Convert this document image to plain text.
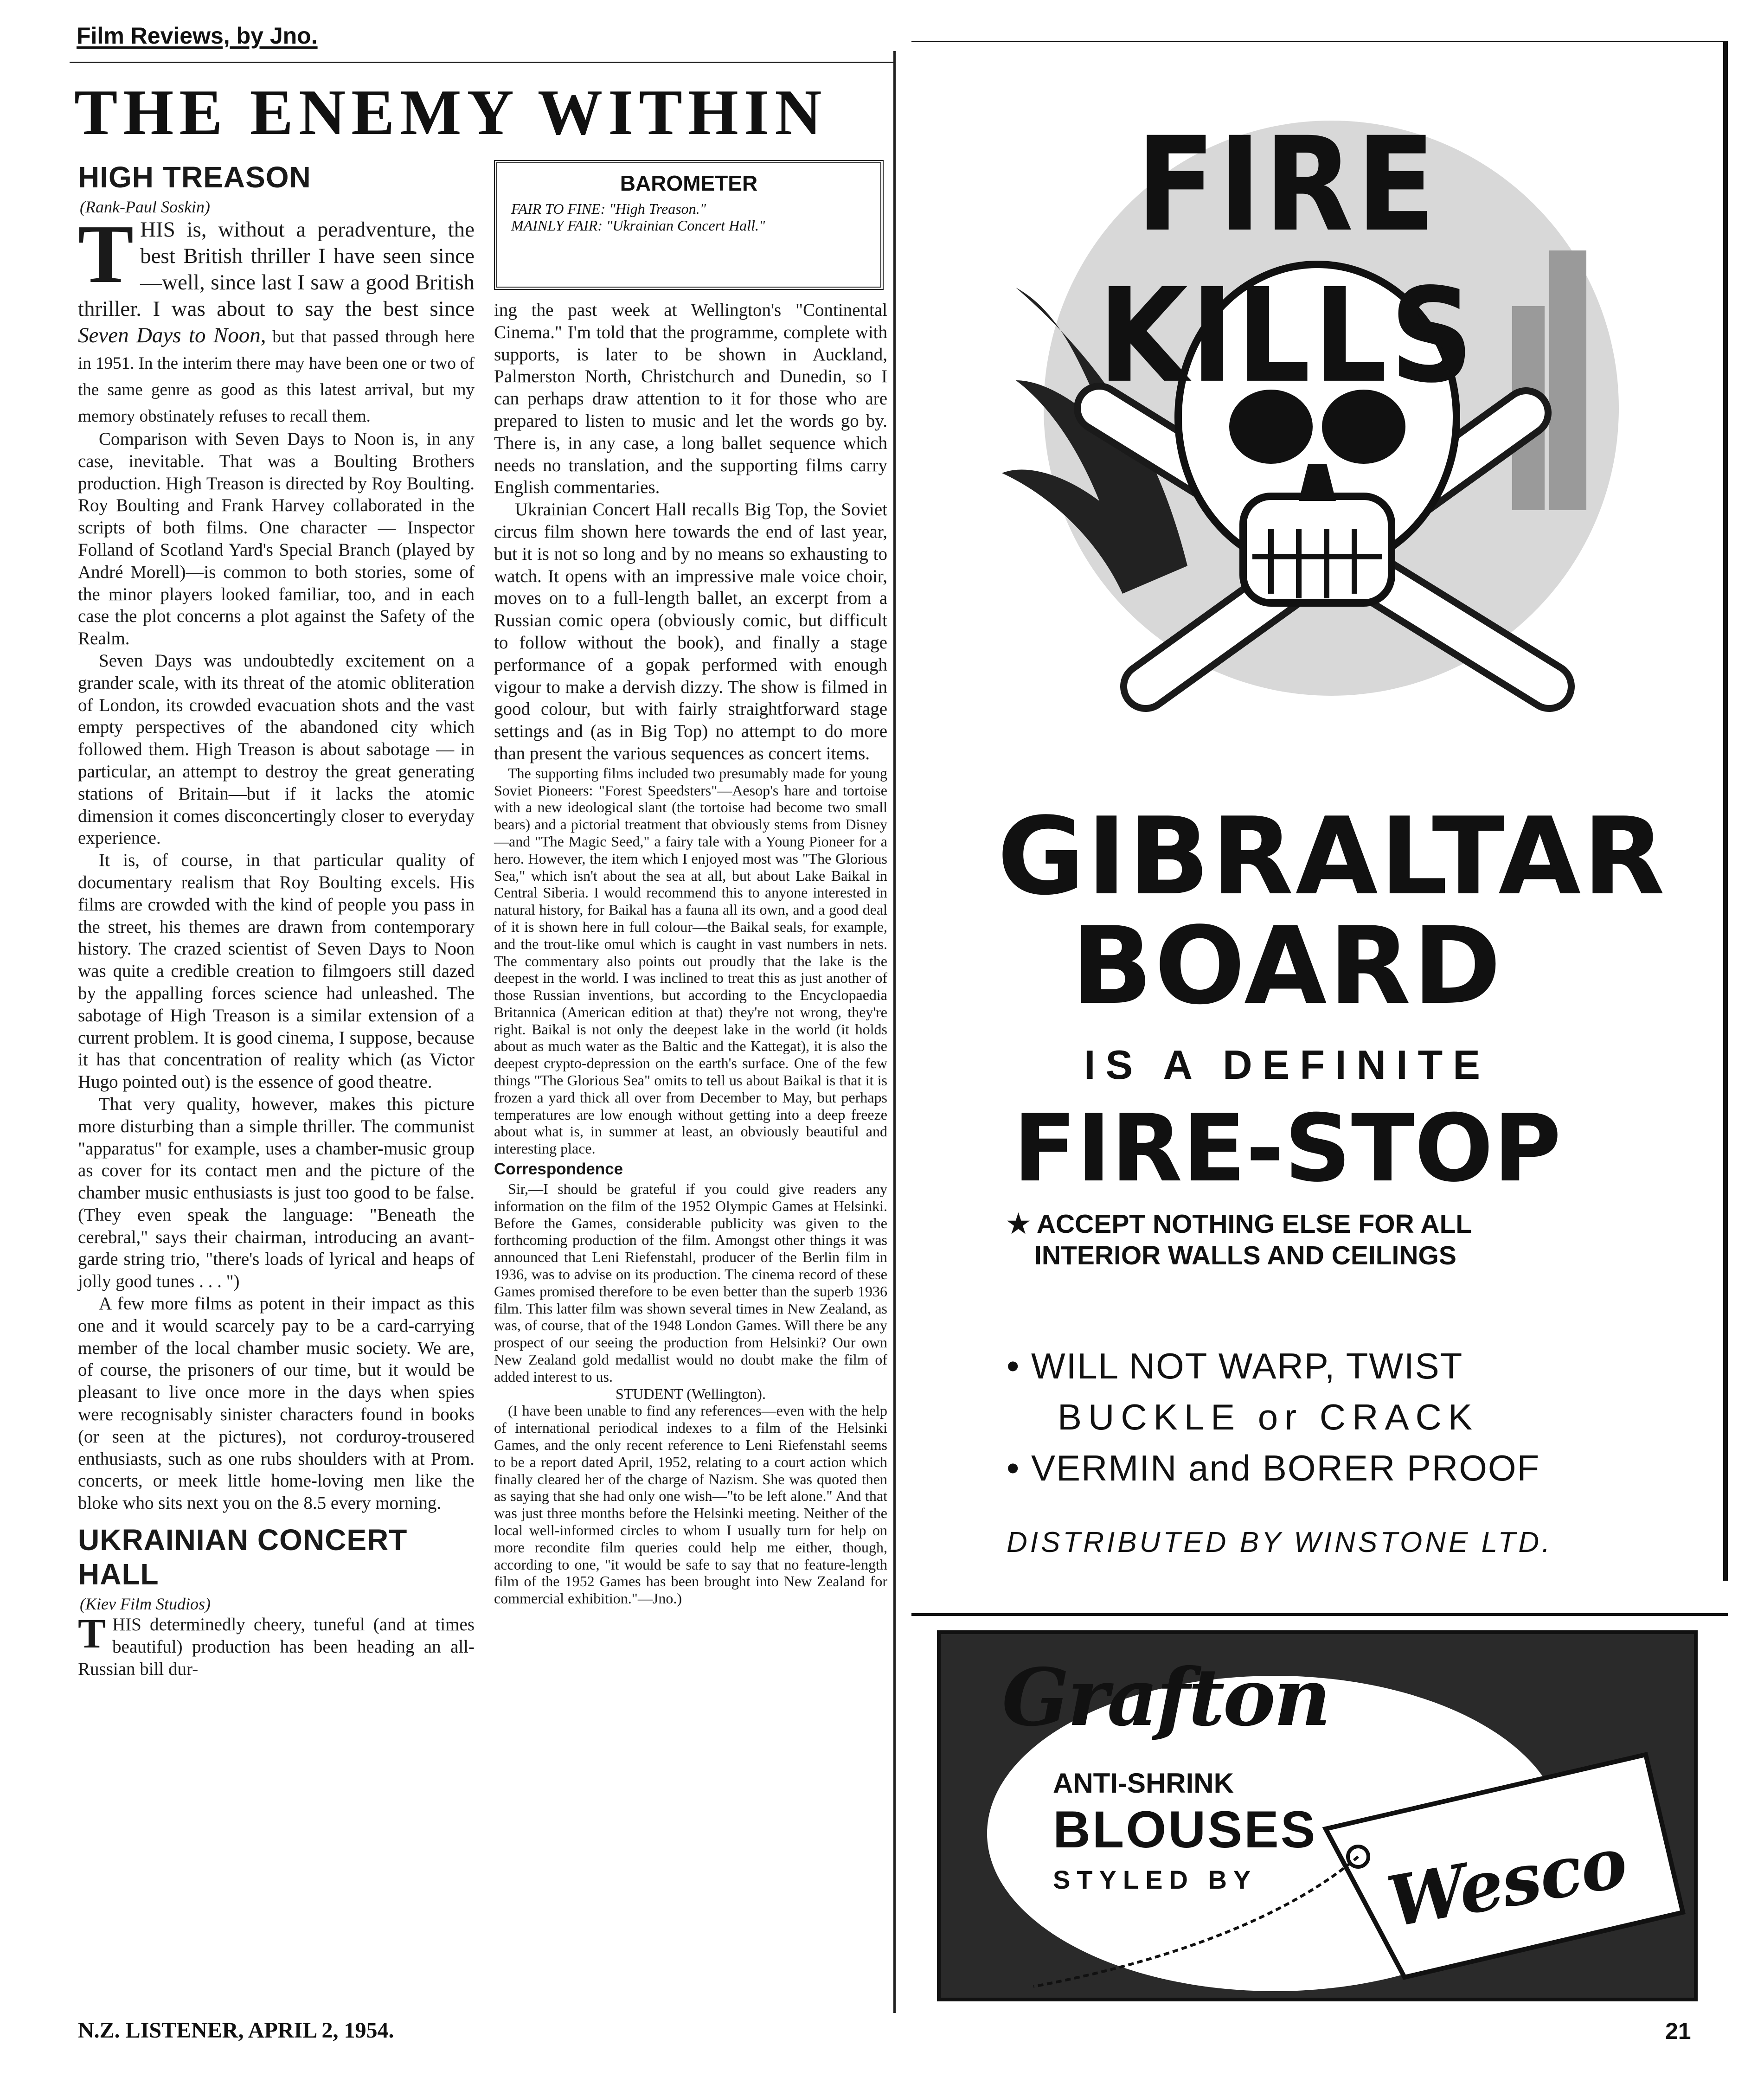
Film Reviews, by Jno.
THE ENEMY WITHIN
HIGH TREASON
(Rank-Paul Soskin)

THIS is, without a peradventure, the best British thriller I have seen since—well, since last I saw a good British thriller. I was about to say the best since Seven Days to Noon, but that passed through here in 1951. In the interim there may have been one or two of the same genre as good as this latest arrival, but my memory obstinately refuses to recall them.

Comparison with Seven Days to Noon is, in any case, inevitable. That was a Boulting Brothers production. High Treason is directed by Roy Boulting. Roy Boulting and Frank Harvey collaborated in the scripts of both films. One character — Inspector Folland of Scotland Yard's Special Branch (played by André Morell)—is common to both stories, some of the minor players looked familiar, too, and in each case the plot concerns a plot against the Safety of the Realm.

Seven Days was undoubtedly excitement on a grander scale, with its threat of the atomic obliteration of London, its crowded evacuation shots and the vast empty perspectives of the abandoned city which followed them. High Treason is about sabotage — in particular, an attempt to destroy the great generating stations of Britain—but if it lacks the atomic dimension it comes disconcertingly closer to everyday experience.

It is, of course, in that particular quality of documentary realism that Roy Boulting excels. His films are crowded with the kind of people you pass in the street, his themes are drawn from contemporary history. The crazed scientist of Seven Days to Noon was quite a credible creation to filmgoers still dazed by the appalling forces science had unleashed. The sabotage of High Treason is a similar extension of a current problem. It is good cinema, I suppose, because it has that concentration of reality which (as Victor Hugo pointed out) is the essence of good theatre.

That very quality, however, makes this picture more disturbing than a simple thriller. The communist "apparatus" for example, uses a chamber-music group as cover for its contact men and the picture of the chamber music enthusiasts is just too good to be false. (They even speak the language: "Beneath the cerebral," says their chairman, introducing an avant-garde string trio, "there's loads of lyrical and heaps of jolly good tunes . . . ")

A few more films as potent in their impact as this one and it would scarcely pay to be a card-carrying member of the local chamber music society. We are, of course, the prisoners of our time, but it would be pleasant to live once more in the days when spies were recognisably sinister characters found in books (or seen at the pictures), not corduroy-trousered enthusiasts, such as one rubs shoulders with at Prom. concerts, or meek little home-loving men like the bloke who sits next you on the 8.5 every morning.

UKRAINIAN CONCERT HALL
(Kiev Film Studios)

THIS determinedly cheery, tuneful (and at times beautiful) production has been heading an all-Russian bill dur-

BAROMETER

FAIR TO FINE: "High Treason."

MAINLY FAIR: "Ukrainian Concert Hall."

ing the past week at Wellington's "Continental Cinema." I'm told that the programme, complete with supports, is later to be shown in Auckland, Palmerston North, Christchurch and Dunedin, so I can perhaps draw attention to it for those who are prepared to listen to music and let the words go by. There is, in any case, a long ballet sequence which needs no translation, and the supporting films carry English commentaries.

Ukrainian Concert Hall recalls Big Top, the Soviet circus film shown here towards the end of last year, but it is not so long and by no means so exhausting to watch. It opens with an impressive male voice choir, moves on to a full-length ballet, an excerpt from a Russian comic opera (obviously comic, but difficult to follow without the book), and finally a stage performance of a gopak performed with enough vigour to make a dervish dizzy. The show is filmed in good colour, but with fairly straightforward stage settings and (as in Big Top) no attempt to do more than present the various sequences as concert items.

The supporting films included two presumably made for young Soviet Pioneers: "Forest Speedsters"—Aesop's hare and tortoise with a new ideological slant (the tortoise had become two small bears) and a pictorial treatment that obviously stems from Disney—and "The Magic Seed," a fairy tale with a Young Pioneer for a hero. However, the item which I enjoyed most was "The Glorious Sea," which isn't about the sea at all, but about Lake Baikal in Central Siberia. I would recommend this to anyone interested in natural history, for Baikal has a fauna all its own, and a good deal of it is shown here in full colour—the Baikal seals, for example, and the trout-like omul which is caught in vast numbers in nets. The commentary also points out proudly that the lake is the deepest in the world. I was inclined to treat this as just another of those Russian inventions, but according to the Encyclopaedia Britannica (American edition at that) they're not wrong, they're right. Baikal is not only the deepest lake in the world (it holds about as much water as the Baltic and the Kattegat), it is also the deepest crypto-depression on the earth's surface. One of the few things "The Glorious Sea" omits to tell us about Baikal is that it is frozen a yard thick all over from December to May, but perhaps temperatures are low enough without getting into a deep freeze about what is, in summer at least, an obviously beautiful and interesting place.

Correspondence

Sir,—I should be grateful if you could give readers any information on the film of the 1952 Olympic Games at Helsinki. Before the Games, considerable publicity was given to the forthcoming production of the film. Amongst other things it was announced that Leni Riefenstahl, producer of the Berlin film in 1936, was to advise on its production. The cinema record of these Games promised therefore to be even better than the superb 1936 film. This latter film was shown several times in New Zealand, as was, of course, that of the 1948 London Games. Will there be any prospect of our seeing the production from Helsinki? Our own New Zealand gold medallist would no doubt make the film of added interest to us.

STUDENT (Wellington).

(I have been unable to find any references—even with the help of international periodical indexes to a film of the Helsinki Games, and the only recent reference to Leni Riefenstahl seems to be a report dated April, 1952, relating to a court action which finally cleared her of the charge of Nazism. She was quoted then as saying that she had only one wish—"to be left alone." And that was just three months before the Helsinki meeting. Neither of the local well-informed circles to whom I usually turn for help on more recondite film queries could help me either, though, according to one, "it would be safe to say that no feature-length film of the 1952 Games has been brought into New Zealand for commercial exhibition."—Jno.)

N.Z. LISTENER, APRIL 2, 1954.	21
FIRE KILLS
GIBRALTAR
BOARD
IS A DEFINITE
FIRE-STOP
★ ACCEPT NOTHING ELSE FOR ALL
INTERIOR WALLS AND CEILINGS
• WILL NOT WARP, TWIST
BUCKLE or CRACK
• VERMIN and BORER PROOF
DISTRIBUTED BY WINSTONE LTD.
Grafton
ANTI-SHRINK
BLOUSES
STYLED BY Wesco
